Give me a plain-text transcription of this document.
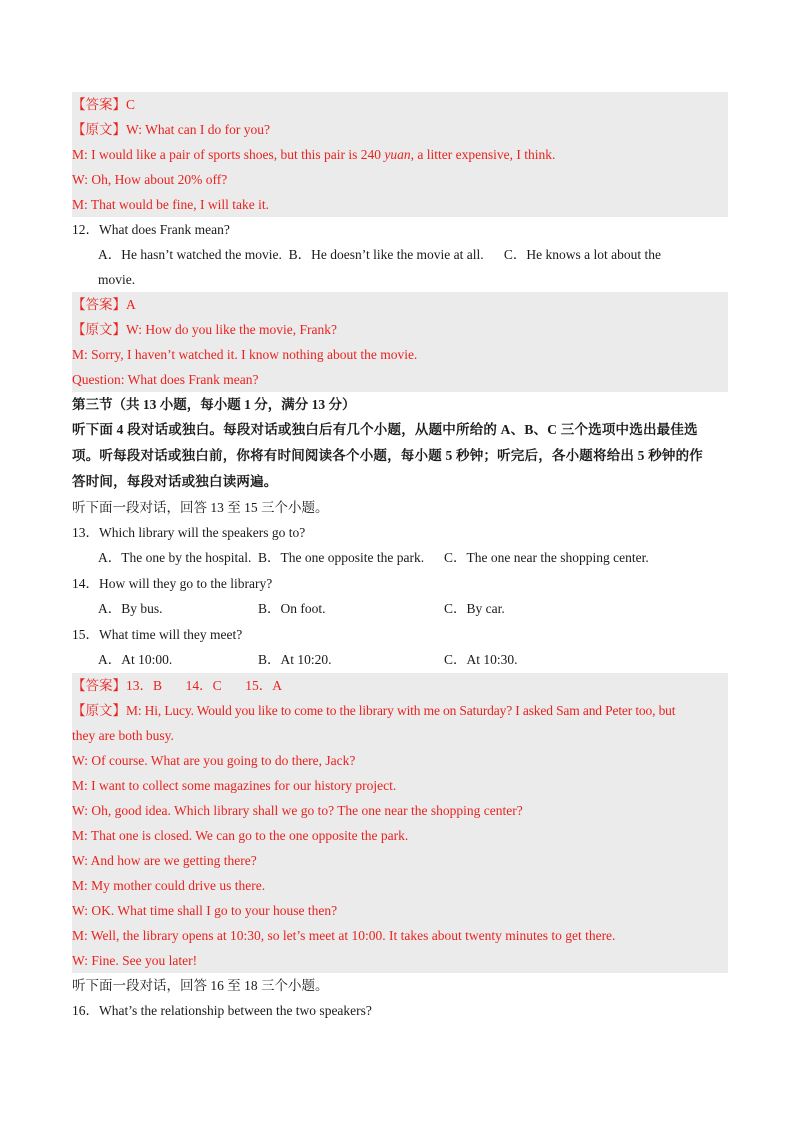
【答案】C
【原文】W: What can I do for you?
M: I would like a pair of sports shoes, but this pair is 240 yuan, a litter expensive, I think.
W: Oh, How about 20% off?
M: That would be fine, I will take it.
12．What does Frank mean?
A．He hasn’t watched the movie. B．He doesn’t like the movie at all. C．He knows a lot about the
movie.
【答案】A
【原文】W: How do you like the movie, Frank?
M: Sorry, I haven’t watched it. I know nothing about the movie.
Question: What does Frank mean?
第三节（共 13 小题，每小题 1 分，满分 13 分）
听下面 4 段对话或独白。每段对话或独白后有几个小题，从题中所给的 A、B、C 三个选项中选出最佳选
项。听每段对话或独白前，你将有时间阅读各个小题，每小题 5 秒钟；听完后，各小题将给出 5 秒钟的作
答时间，每段对话或独白读两遍。
听下面一段对话，回答 13 至 15 三个小题。
13．Which library will the speakers go to?
A．The one by the hospital. B．The one opposite the park.	C．The one near the shopping center.
14．How will they go to the library?
A．By bus.	B．On foot.	C．By car.
15．What time will they meet?
A．At 10:00.	B．At 10:20.	C．At 10:30.
【答案】13．B       14．C       15．A
【原文】M: Hi, Lucy. Would you like to come to the library with me on Saturday? I asked Sam and Peter too, but
they are both busy.
W: Of course. What are you going to do there, Jack?
M: I want to collect some magazines for our history project.
W: Oh, good idea. Which library shall we go to? The one near the shopping center?
M: That one is closed. We can go to the one opposite the park.
W: And how are we getting there?
M: My mother could drive us there.
W: OK. What time shall I go to your house then?
M: Well, the library opens at 10:30, so let’s meet at 10:00. It takes about twenty minutes to get there.
W: Fine. See you later!
听下面一段对话，回答 16 至 18 三个小题。
16．What’s the relationship between the two speakers?
